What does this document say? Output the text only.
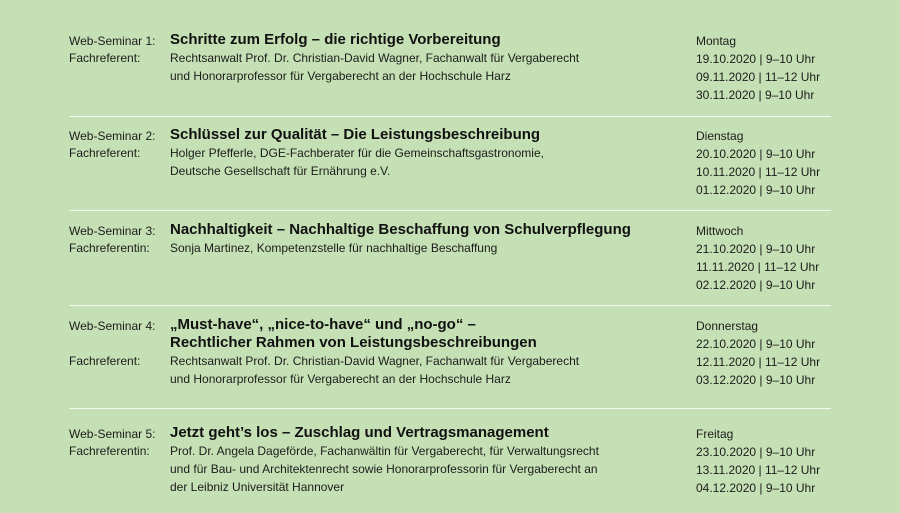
Web-Seminar 1: Schritte zum Erfolg – die richtige Vorbereitung
Fachreferent: Rechtsanwalt Prof. Dr. Christian-David Wagner, Fachanwalt für Vergaberecht
und Honorarprofessor für Vergaberecht an der Hochschule Harz
Montag
19.10.2020 | 9–10 Uhr
09.11.2020 | 11–12 Uhr
30.11.2020 | 9–10 Uhr
Web-Seminar 2: Schlüssel zur Qualität – Die Leistungsbeschreibung
Fachreferent: Holger Pfefferle, DGE-Fachberater für die Gemeinschaftsgastronomie,
Deutsche Gesellschaft für Ernährung e.V.
Dienstag
20.10.2020 | 9–10 Uhr
10.11.2020 | 11–12 Uhr
01.12.2020 | 9–10 Uhr
Web-Seminar 3: Nachhaltigkeit – Nachhaltige Beschaffung von Schulverpflegung
Fachreferentin: Sonja Martinez, Kompetenzstelle für nachhaltige Beschaffung
Mittwoch
21.10.2020 | 9–10 Uhr
11.11.2020 | 11–12 Uhr
02.12.2020 | 9–10 Uhr
Web-Seminar 4: „Must-have“, „nice-to-have“ und „no-go“ –
Rechtlicher Rahmen von Leistungsbeschreibungen
Fachreferent: Rechtsanwalt Prof. Dr. Christian-David Wagner, Fachanwalt für Vergaberecht
und Honorarprofessor für Vergaberecht an der Hochschule Harz
Donnerstag
22.10.2020 | 9–10 Uhr
12.11.2020 | 11–12 Uhr
03.12.2020 | 9–10 Uhr
Web-Seminar 5: Jetzt geht’s los – Zuschlag und Vertragsmanagement
Fachreferentin: Prof. Dr. Angela Dageförde, Fachanwältin für Vergaberecht, für Verwaltungsrecht
und für Bau- und Architektenrecht sowie Honorarprofessorin für Vergaberecht an
der Leibniz Universität Hannover
Freitag
23.10.2020 | 9–10 Uhr
13.11.2020 | 11–12 Uhr
04.12.2020 | 9–10 Uhr
